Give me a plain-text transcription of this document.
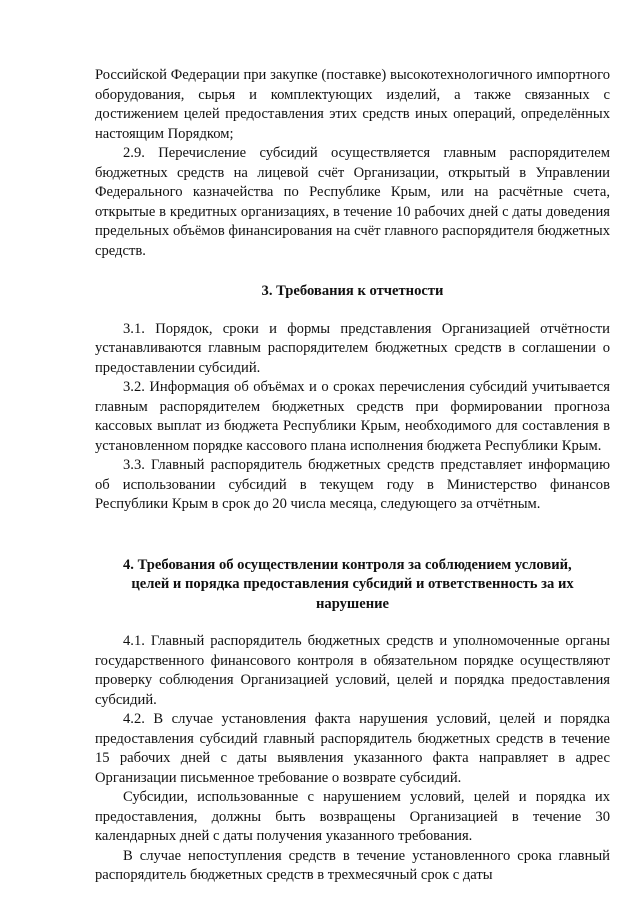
Российской Федерации при закупке (поставке) высокотехнологичного импортного оборудования, сырья и комплектующих изделий, а также связанных с достижением целей предоставления этих средств иных операций, определённых настоящим Порядком;

2.9. Перечисление субсидий осуществляется главным распорядителем бюджетных средств на лицевой счёт Организации, открытый в Управлении Федерального казначейства по Республике Крым, или на расчётные счета, открытые в кредитных организациях, в течение 10 рабочих дней с даты доведения предельных объёмов финансирования на счёт главного распорядителя бюджетных средств.

3. Требования к отчетности

3.1. Порядок, сроки и формы представления Организацией отчётности устанавливаются главным распорядителем бюджетных средств в соглашении о предоставлении субсидий.

3.2. Информация об объёмах и о сроках перечисления субсидий учитывается главным распорядителем бюджетных средств при формировании прогноза кассовых выплат из бюджета Республики Крым, необходимого для составления в установленном порядке кассового плана исполнения бюджета Республики Крым.

3.3. Главный распорядитель бюджетных средств представляет информацию об использовании субсидий в текущем году в Министерство финансов Республики Крым в срок до 20 числа месяца, следующего за отчётным.

4. Требования об осуществлении контроля за соблюдением условий,
целей и порядка предоставления субсидий и ответственность за их
нарушение

4.1. Главный распорядитель бюджетных средств и уполномоченные органы государственного финансового контроля в обязательном порядке осуществляют проверку соблюдения Организацией условий, целей и порядка предоставления субсидий.

4.2. В случае установления факта нарушения условий, целей и порядка предоставления субсидий главный распорядитель бюджетных средств в течение 15 рабочих дней с даты выявления указанного факта направляет в адрес Организации письменное требование о возврате субсидий.

Субсидии, использованные с нарушением условий, целей и порядка их предоставления, должны быть возвращены Организацией в течение 30 календарных дней с даты получения указанного требования.

В случае непоступления средств в течение установленного срока главный распорядитель бюджетных средств в трехмесячный срок с даты
